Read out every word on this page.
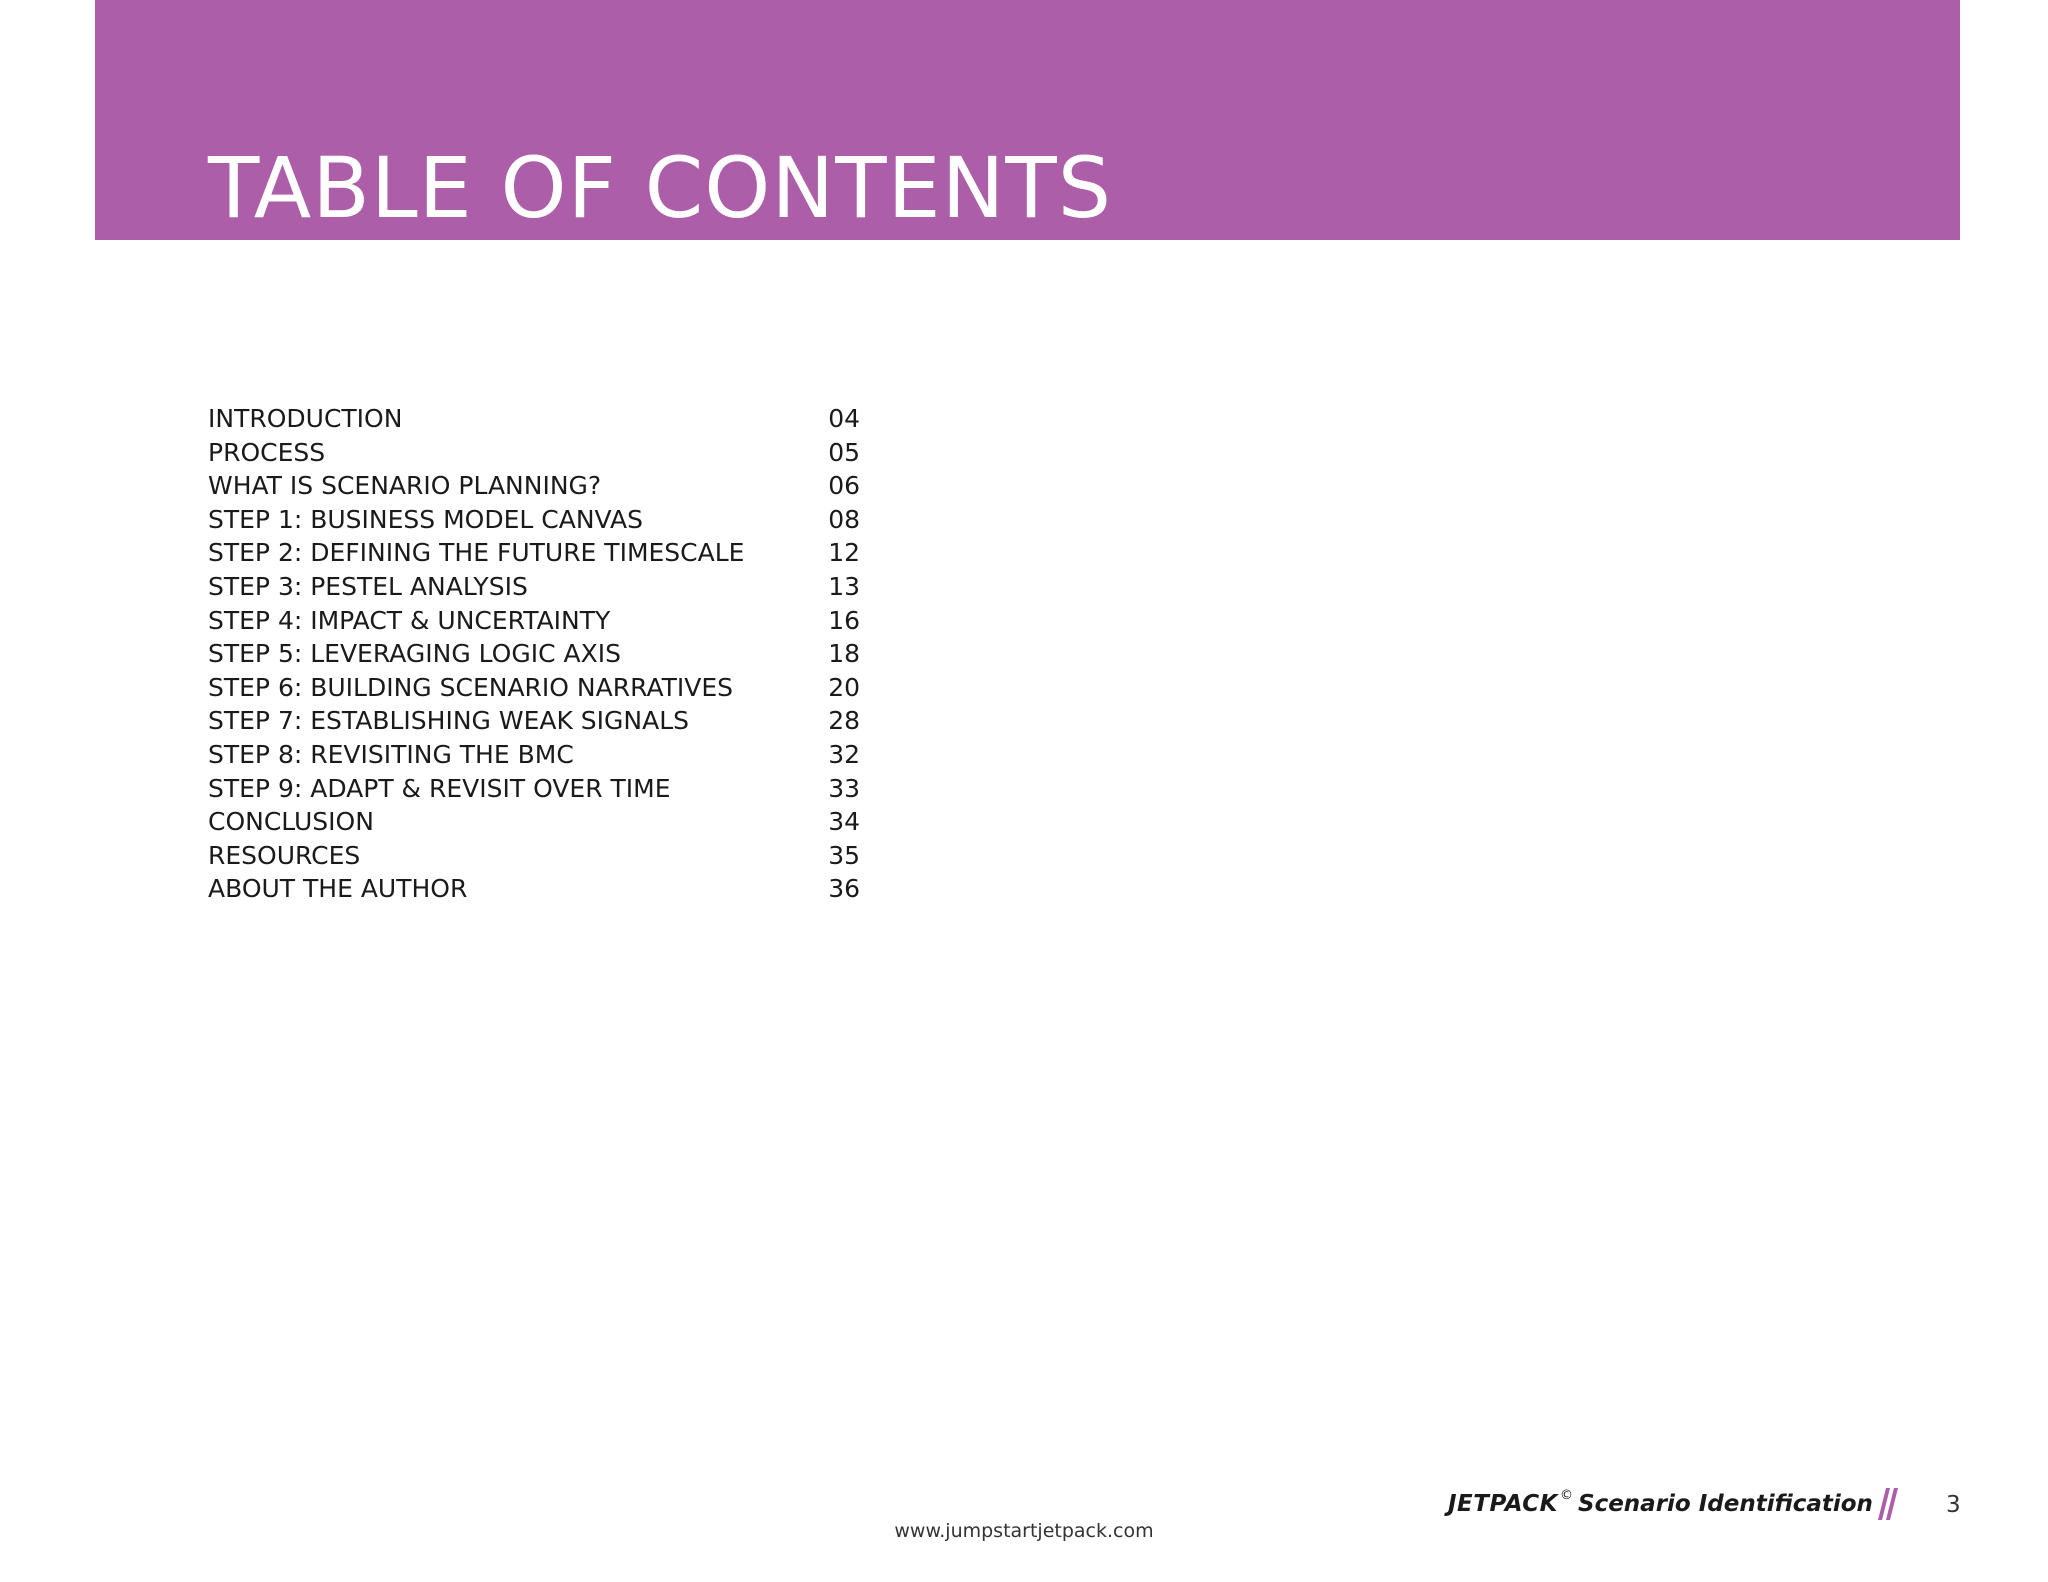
TABLE OF CONTENTS
INTRODUCTION	04
PROCESS	05
WHAT IS SCENARIO PLANNING?	06
STEP 1: BUSINESS MODEL CANVAS	08
STEP 2: DEFINING THE FUTURE TIMESCALE	12
STEP 3: PESTEL ANALYSIS	13
STEP 4: IMPACT & UNCERTAINTY	16
STEP 5: LEVERAGING LOGIC AXIS	18
STEP 6: BUILDING SCENARIO NARRATIVES	20
STEP 7: ESTABLISHING WEAK SIGNALS	28
STEP 8: REVISITING THE BMC	32
STEP 9: ADAPT & REVISIT OVER TIME	33
CONCLUSION	34
RESOURCES	35
ABOUT THE AUTHOR	36
JETPACK © Scenario Identification	3
www.jumpstartjetpack.com
